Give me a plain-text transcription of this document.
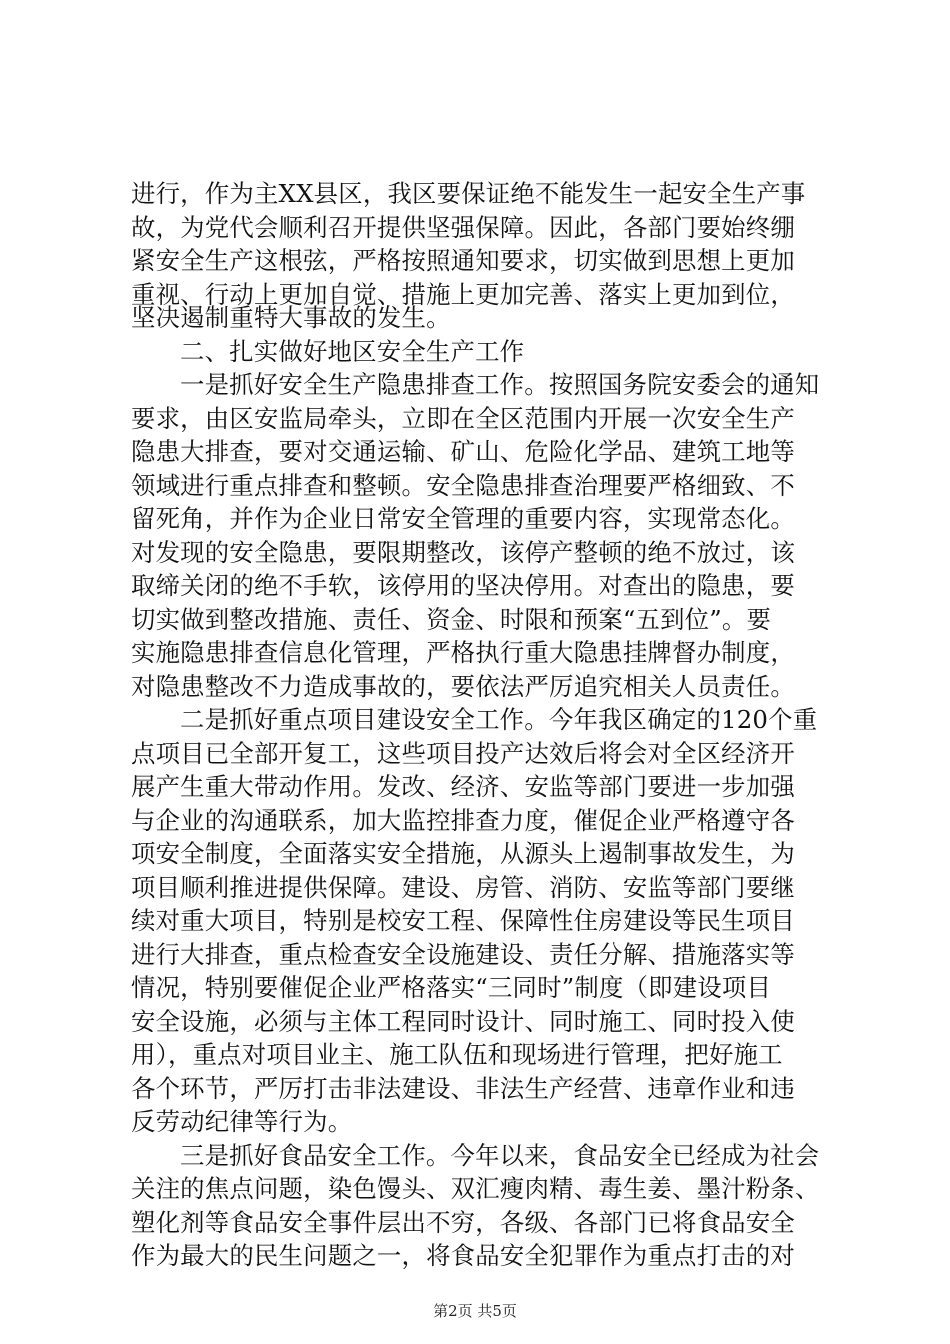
进行，作为主XX县区，我区要保证绝不能发生一起安全生产事
故，为党代会顺利召开提供坚强保障。因此，各部门要始终绷
紧安全生产这根弦，严格按照通知要求，切实做到思想上更加
重视、行动上更加自觉、措施上更加完善、落实上更加到位，
坚决遏制重特大事故的发生。
二、扎实做好地区安全生产工作
一是抓好安全生产隐患排查工作。按照国务院安委会的通知
要求，由区安监局牵头，立即在全区范围内开展一次安全生产
隐患大排查，要对交通运输、矿山、危险化学品、建筑工地等
领域进行重点排查和整顿。安全隐患排查治理要严格细致、不
留死角，并作为企业日常安全管理的重要内容，实现常态化。
对发现的安全隐患，要限期整改，该停产整顿的绝不放过，该
取缔关闭的绝不手软，该停用的坚决停用。对查出的隐患，要
切实做到整改措施、责任、资金、时限和预案“五到位”。要
实施隐患排查信息化管理，严格执行重大隐患挂牌督办制度，
对隐患整改不力造成事故的，要依法严厉追究相关人员责任。
二是抓好重点项目建设安全工作。今年我区确定的120个重
点项目已全部开复工，这些项目投产达效后将会对全区经济开
展产生重大带动作用。发改、经济、安监等部门要进一步加强
与企业的沟通联系，加大监控排查力度，催促企业严格遵守各
项安全制度，全面落实安全措施，从源头上遏制事故发生，为
项目顺利推进提供保障。建设、房管、消防、安监等部门要继
续对重大项目，特别是校安工程、保障性住房建设等民生项目
进行大排查，重点检查安全设施建设、责任分解、措施落实等
情况，特别要催促企业严格落实“三同时”制度（即建设项目
安全设施，必须与主体工程同时设计、同时施工、同时投入使
用），重点对项目业主、施工队伍和现场进行管理，把好施工
各个环节，严厉打击非法建设、非法生产经营、违章作业和违
反劳动纪律等行为。
三是抓好食品安全工作。今年以来，食品安全已经成为社会
关注的焦点问题，染色馒头、双汇瘦肉精、毒生姜、墨汁粉条、
塑化剂等食品安全事件层出不穷，各级、各部门已将食品安全
作为最大的民生问题之一，将食品安全犯罪作为重点打击的对
第2页 共5页
